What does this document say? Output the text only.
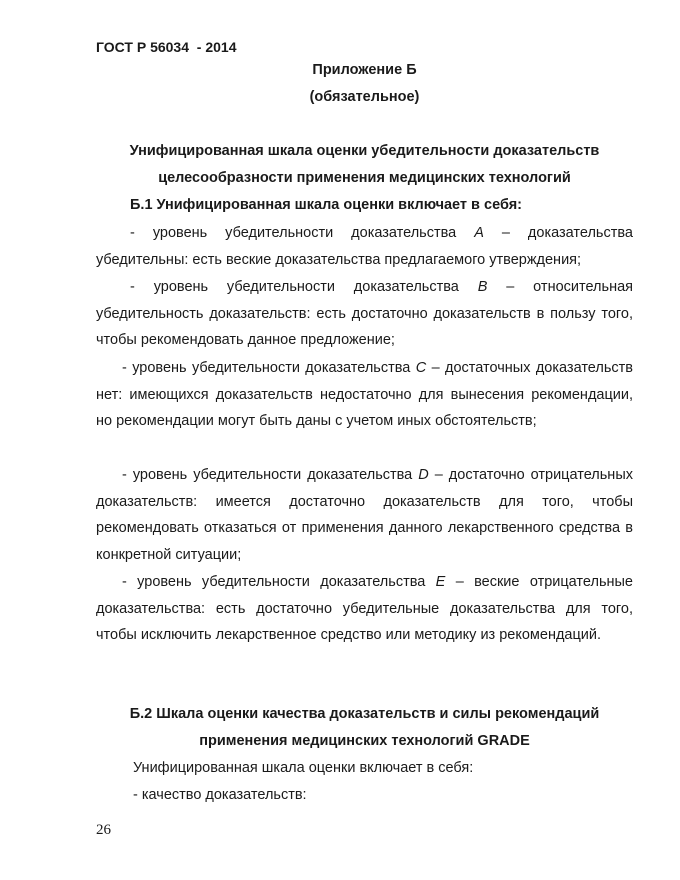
ГОСТ Р 56034  - 2014
Приложение Б
(обязательное)
Унифицированная шкала оценки убедительности доказательств
целесообразности применения медицинских технологий
Б.1 Унифицированная шкала оценки включает в себя:

- уровень убедительности доказательства A – доказательства убедительны: есть веские доказательства предлагаемого утверждения;

- уровень убедительности доказательства B – относительная убедительность доказательств: есть достаточно доказательств в пользу того, чтобы рекомендовать данное предложение;

- уровень убедительности доказательства C – достаточных доказательств нет: имеющихся доказательств недостаточно для вынесения рекомендации, но рекомендации могут быть даны с учетом иных обстоятельств;

- уровень убедительности доказательства D – достаточно отрицательных доказательств: имеется достаточно доказательств для того, чтобы рекомендовать отказаться от применения данного лекарственного средства в конкретной ситуации;

- уровень убедительности доказательства E – веские отрицательные доказательства: есть достаточно убедительные доказательства для того, чтобы исключить лекарственное средство или методику из рекомендаций.

Б.2 Шкала оценки качества доказательств и силы рекомендаций
применения медицинских технологий GRADE
Унифицированная шкала оценки включает в себя:
- качество доказательств:
26
